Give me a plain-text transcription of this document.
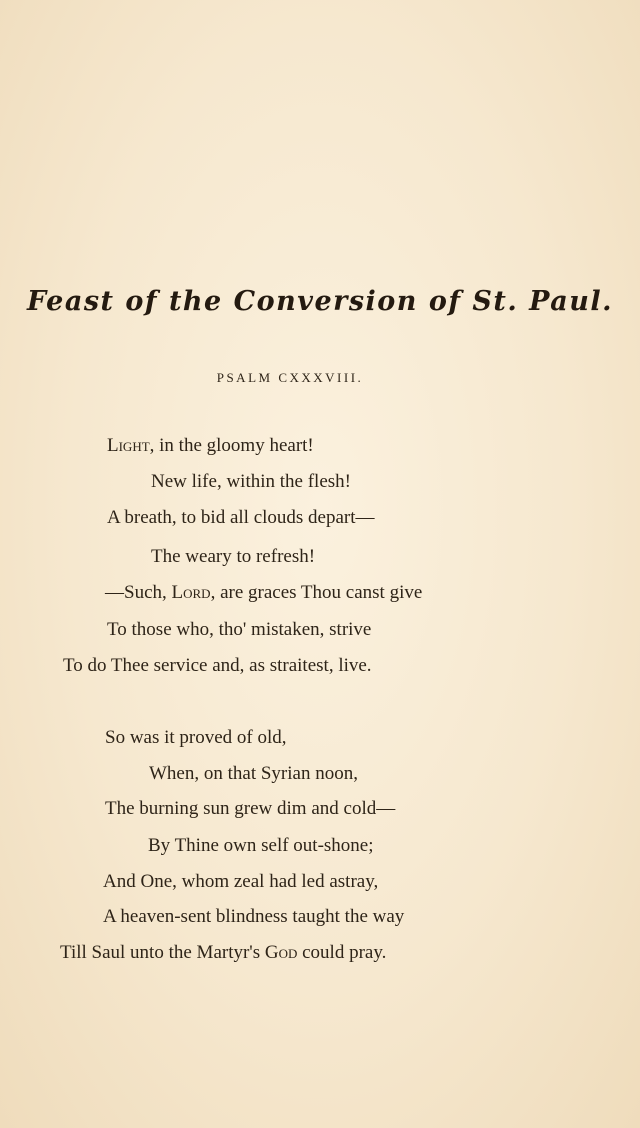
Feast of the Conversion of St. Paul.
PSALM CXXXVIII.
Light, in the gloomy heart!
New life, within the flesh!
A breath, to bid all clouds depart—
The weary to refresh!
—Such, Lord, are graces Thou canst give
To those who, tho' mistaken, strive
To do Thee service and, as straitest, live.
So was it proved of old,
When, on that Syrian noon,
The burning sun grew dim and cold—
By Thine own self out-shone;
And One, whom zeal had led astray,
A heaven-sent blindness taught the way
Till Saul unto the Martyr's God could pray.
